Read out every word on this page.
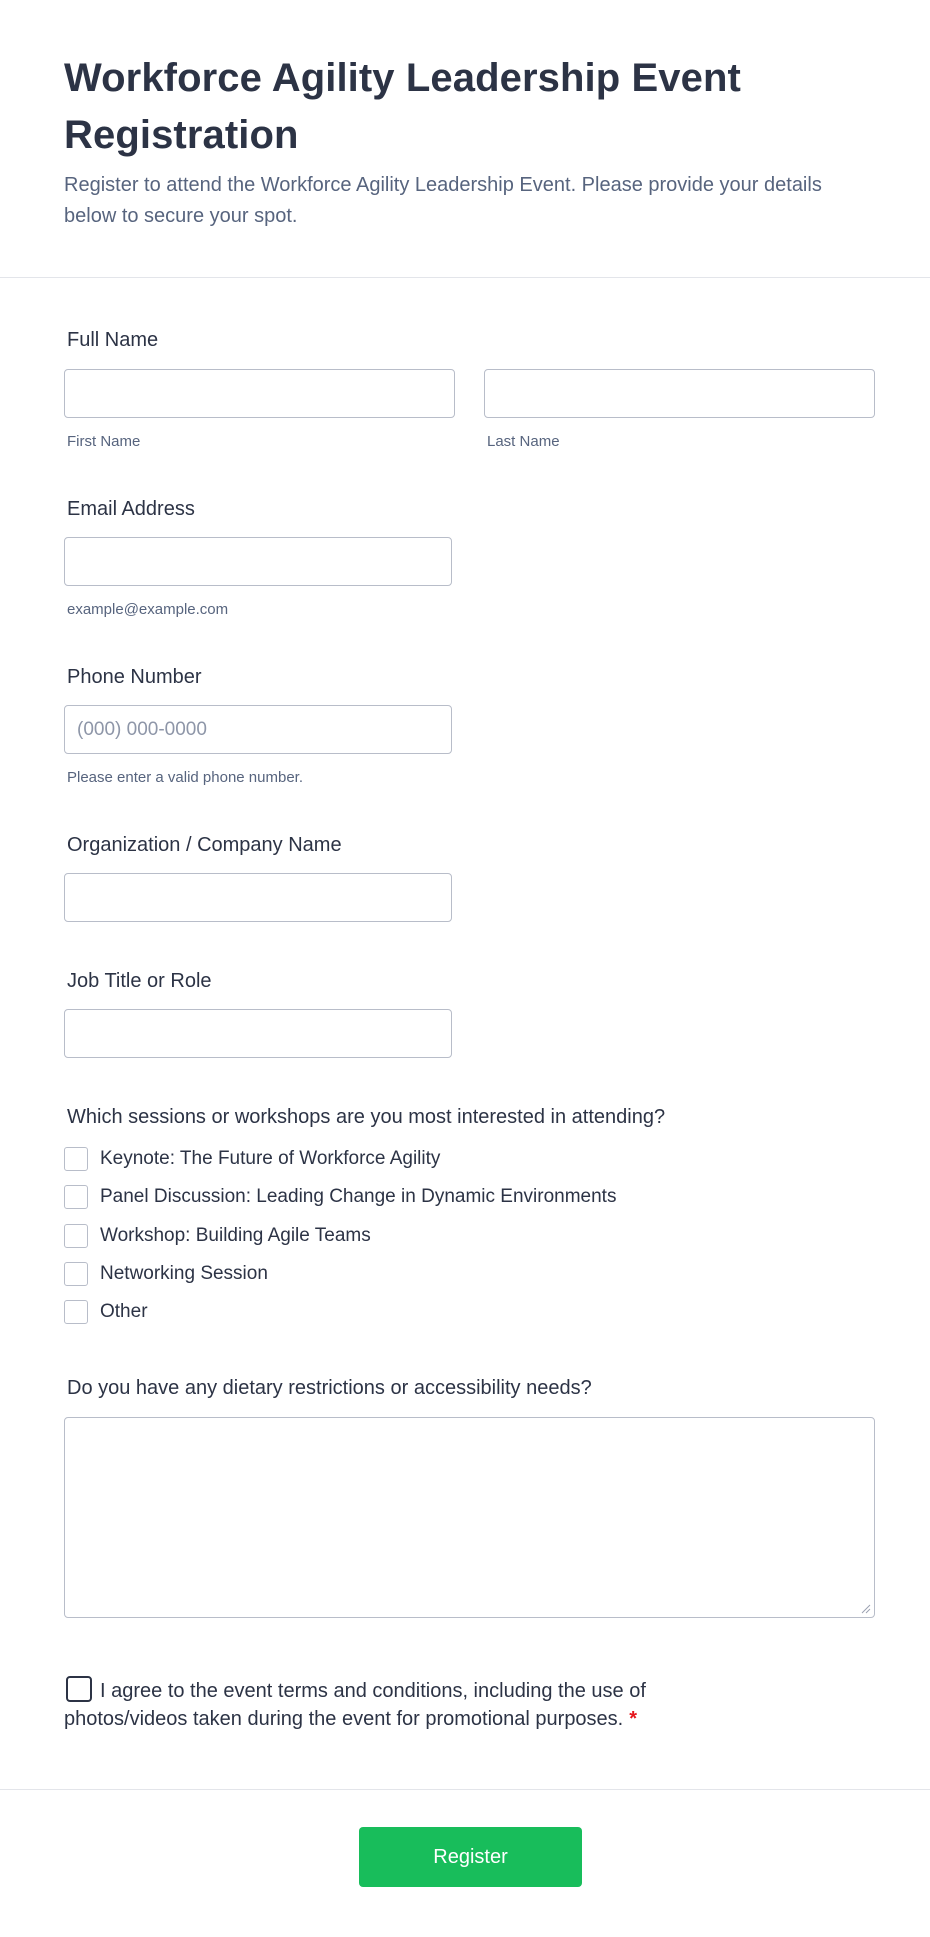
Workforce Agility Leadership Event Registration

Register to attend the Workforce Agility Leadership Event. Please provide your details below to secure your spot.

Full Name
First Name	Last Name
Email Address
example@example.com
Phone Number
(000) 000-0000
Please enter a valid phone number.
Organization / Company Name
Job Title or Role
Which sessions or workshops are you most interested in attending?
Keynote: The Future of Workforce Agility
Panel Discussion: Leading Change in Dynamic Environments
Workshop: Building Agile Teams
Networking Session
Other
Do you have any dietary restrictions or accessibility needs?
I agree to the event terms and conditions, including the use of photos/videos taken during the event for promotional purposes. *
Register
